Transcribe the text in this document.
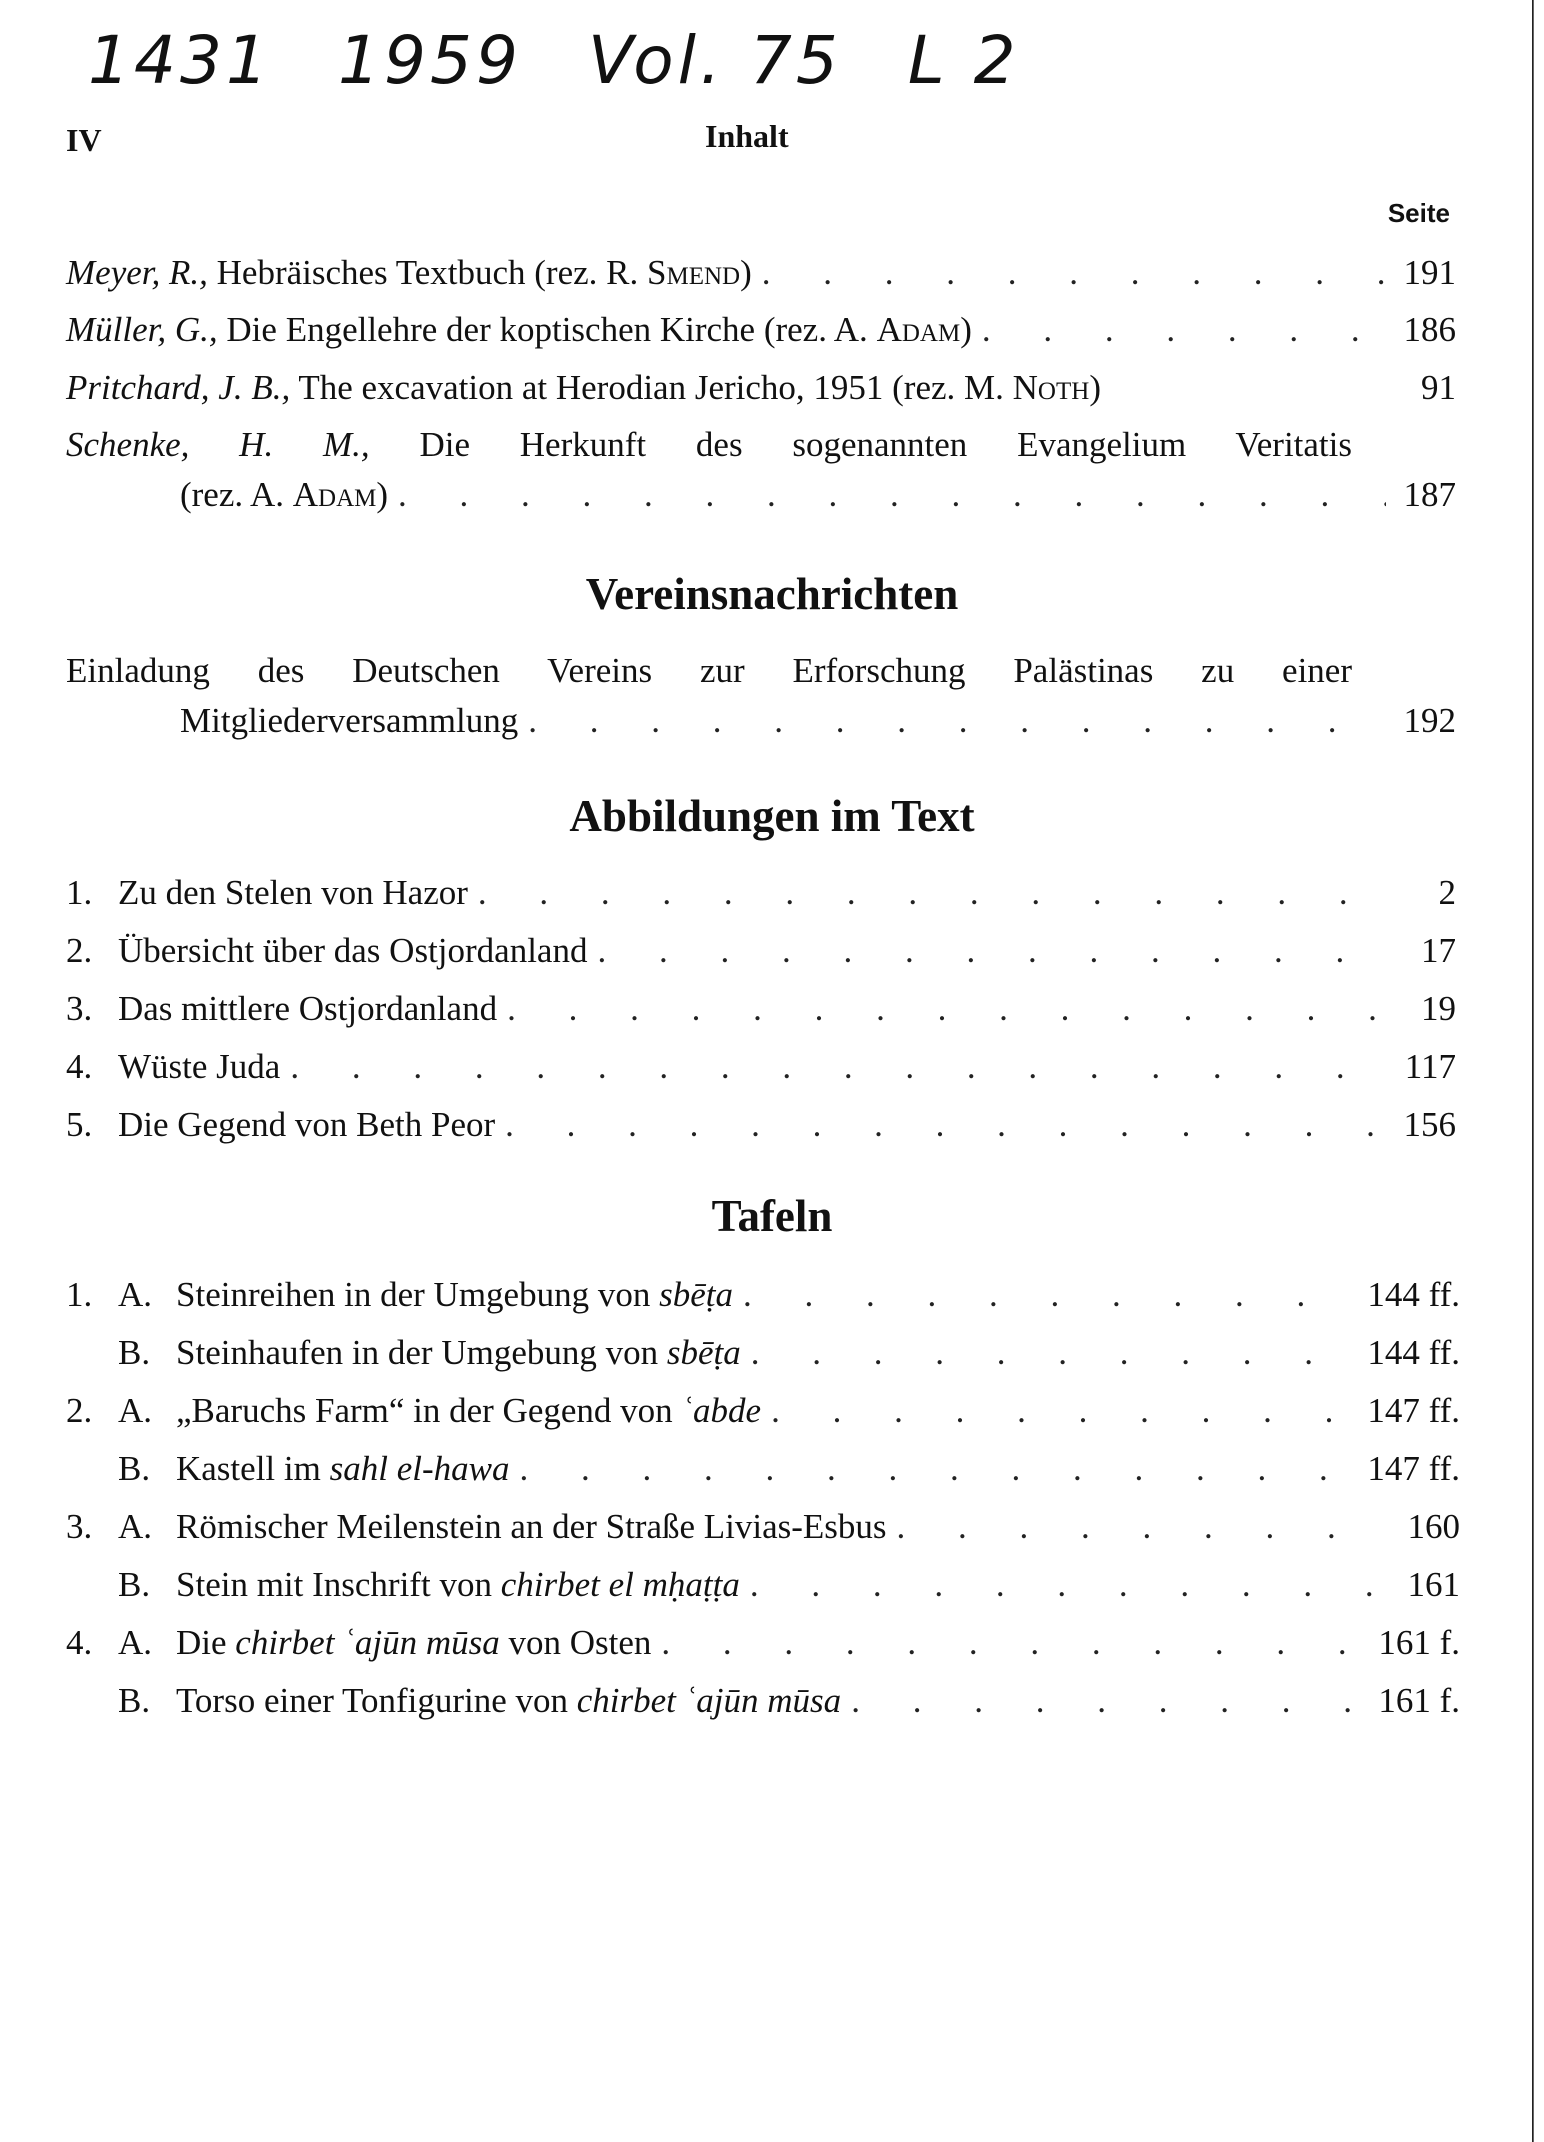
1431 1959 Vol. 75 L 2
IV	Inhalt
Seite
Meyer, R., Hebräisches Textbuch (rez. R. Smend) . . .	191
Müller, G., Die Engellehre der koptischen Kirche (rez. A. Adam) . . .	186
Pritchard, J. B., The excavation at Herodian Jericho, 1951 (rez. M. Noth)	91
Schenke, H. M., Die Herkunft des sogenannten Evangelium Veritatis
(rez. A. Adam) . . .	187
Vereinsnachrichten
Einladung des Deutschen Vereins zur Erforschung Palästinas zu einer
Mitgliederversammlung . . .	192
Abbildungen im Text
1. Zu den Stelen von Hazor . . .	2
2. Übersicht über das Ostjordanland . . .	17
3. Das mittlere Ostjordanland . . .	19
4. Wüste Juda . . .	117
5. Die Gegend von Beth Peor . . .	156
Tafeln
1. A. Steinreihen in der Umgebung von sbēṭa . . .	144 ff.
B. Steinhaufen in der Umgebung von sbēṭa . . .	144 ff.
2. A. „Baruchs Farm“ in der Gegend von ʿabde . . .	147 ff.
B. Kastell im sahl el-hawa . . .	147 ff.
3. A. Römischer Meilenstein an der Straße Livias-Esbus . . .	160
B. Stein mit Inschrift von chirbet el mḥaṭṭa . . .	161
4. A. Die chirbet ʿajūn mūsa von Osten . . .	161 f.
B. Torso einer Tonfigurine von chirbet ʿajūn mūsa . . .	161 f.
